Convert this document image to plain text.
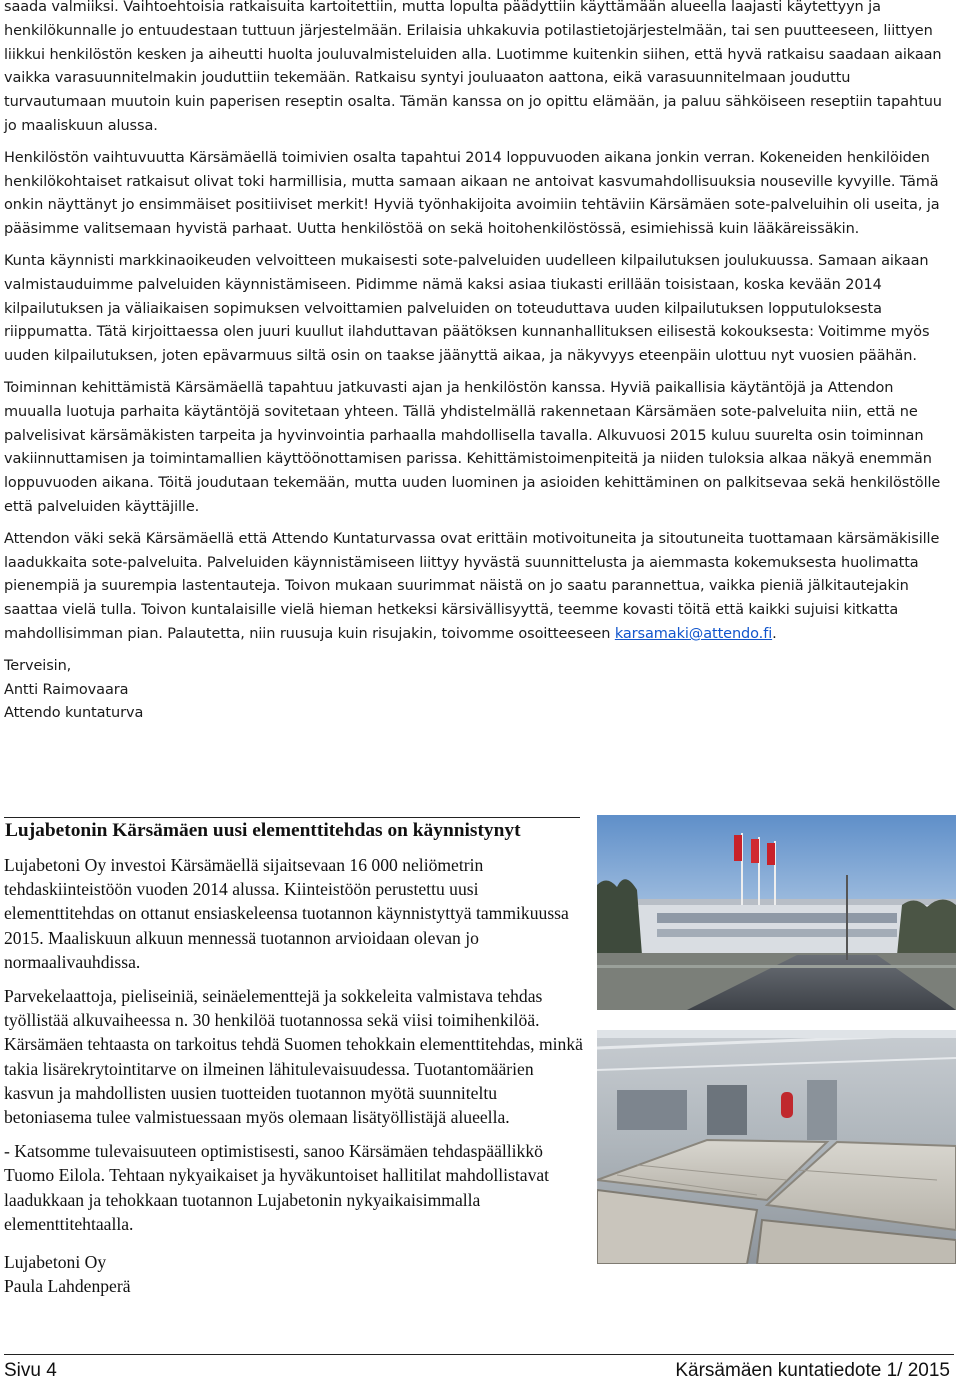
saada valmiiksi. Vaihtoehtoisia ratkaisuita kartoitettiin, mutta lopulta päädyttiin käyttämään alueella laajasti käytettyyn ja henkilökunnalle jo entuudestaan tuttuun järjestelmään. Erilaisia uhkakuvia potilastietojärjestelmään, tai sen puutteeseen, liittyen liikkui henkilöstön kesken ja aiheutti huolta jouluvalmisteluiden alla. Luotimme kuitenkin siihen, että hyvä ratkaisu saadaan aikaan vaikka varasuunnitelmakin jouduttiin tekemään. Ratkaisu syntyi jouluaaton aattona, eikä varasuunnitelmaan jouduttu turvautumaan muutoin kuin paperisen reseptin osalta. Tämän kanssa on jo opittu elämään, ja paluu sähköiseen reseptiin tapahtuu jo maaliskuun alussa.

Henkilöstön vaihtuvuutta Kärsämäellä toimivien osalta tapahtui 2014 loppuvuoden aikana jonkin verran. Kokeneiden henkilöiden henkilökohtaiset ratkaisut olivat toki harmillisia, mutta samaan aikaan ne antoivat kasvumahdollisuuksia nouseville kyvyille. Tämä onkin näyttänyt jo ensimmäiset positiiviset merkit! Hyviä työnhakijoita avoimiin tehtäviin Kärsämäen sote-palveluihin oli useita, ja pääsimme valitsemaan hyvistä parhaat. Uutta henkilöstöä on sekä hoitohenkilöstössä, esimiehissä kuin lääkäreissäkin.

Kunta käynnisti markkinaoikeuden velvoitteen mukaisesti sote-palveluiden uudelleen kilpailutuksen joulukuussa. Samaan aikaan valmistauduimme palveluiden käynnistämiseen. Pidimme nämä kaksi asiaa tiukasti erillään toisistaan, koska kevään 2014 kilpailutuksen ja väliaikaisen sopimuksen velvoittamien palveluiden on toteuduttava uuden kilpailutuksen lopputuloksesta riippumatta. Tätä kirjoittaessa olen juuri kuullut ilahduttavan päätöksen kunnanhallituksen eilisestä kokouksesta: Voitimme myös uuden kilpailutuksen, joten epävarmuus siltä osin on taakse jäänyttä aikaa, ja näkyvyys eteenpäin ulottuu nyt vuosien päähän.

Toiminnan kehittämistä Kärsämäellä tapahtuu jatkuvasti ajan ja henkilöstön kanssa. Hyviä paikallisia käytäntöjä ja Attendon muualla luotuja parhaita käytäntöjä sovitetaan yhteen. Tällä yhdistelmällä rakennetaan Kärsämäen sote-palveluita niin, että ne palvelisivat kärsämäkisten tarpeita ja hyvinvointia parhaalla mahdollisella tavalla. Alkuvuosi 2015 kuluu suurelta osin toiminnan vakiinnuttamisen ja toimintamallien käyttöönottamisen parissa. Kehittämistoimenpiteitä ja niiden tuloksia alkaa näkyä enemmän loppuvuoden aikana. Töitä joudutaan tekemään, mutta uuden luominen ja asioiden kehittäminen on palkitsevaa sekä henkilöstölle että palveluiden käyttäjille.

Attendon väki sekä Kärsämäellä että Attendo Kuntaturvassa ovat erittäin motivoituneita ja sitoutuneita tuottamaan kärsämäkisille laadukkaita sote-palveluita. Palveluiden käynnistämiseen liittyy hyvästä suunnittelusta ja aiemmasta kokemuksesta huolimatta pienempiä ja suurempia lastentauteja. Toivon mukaan suurimmat näistä on jo saatu parannettua, vaikka pieniä jälkitautejakin saattaa vielä tulla. Toivon kuntalaisille vielä hieman hetkeksi kärsivällisyyttä, teemme kovasti töitä että kaikki sujuisi kitkatta mahdollisimman pian. Palautetta, niin ruusuja kuin risujakin, toivomme osoitteeseen karsamaki@attendo.fi.

Terveisin,
Antti Raimovaara
Attendo kuntaturva
Lujabetonin Kärsämäen uusi elementtitehdas on käynnistynyt

Lujabetoni Oy investoi Kärsämäellä sijaitsevaan 16 000 neliömetrin tehdaskiinteistöön vuoden 2014 alussa. Kiinteistöön perustettu uusi elementtitehdas on ottanut ensiaskeleensa tuotannon käynnistyttyä tammikuussa 2015. Maaliskuun alkuun mennessä tuotannon arvioidaan olevan jo normaalivauhdissa.

Parvekelaattoja, pieliseiniä, seinäelementtejä ja sokkeleita valmistava tehdas työllistää alkuvaiheessa n. 30 henkilöä tuotannossa sekä viisi toimihenkilöä. Kärsämäen tehtaasta on tarkoitus tehdä Suomen tehokkain elementtitehdas, minkä takia lisärekrytointitarve on ilmeinen lähitulevaisuudessa. Tuotantomäärien kasvun ja mahdollisten uusien tuotteiden tuotannon myötä suunniteltu betoniasema tulee valmistuessaan myös olemaan lisätyöllistäjä alueella.

- Katsomme tulevaisuuteen optimistisesti, sanoo Kärsämäen tehdaspäällikkö Tuomo Eilola. Tehtaan nykyaikaiset ja hyväkuntoiset hallitilat mahdollistavat laadukkaan ja tehokkaan tuotannon Lujabetonin nykyaikaisimmalla elementtitehtaalla.

Lujabetoni Oy
Paula Lahdenperä
Sivu 4	Kärsämäen kuntatiedote 1/ 2015
